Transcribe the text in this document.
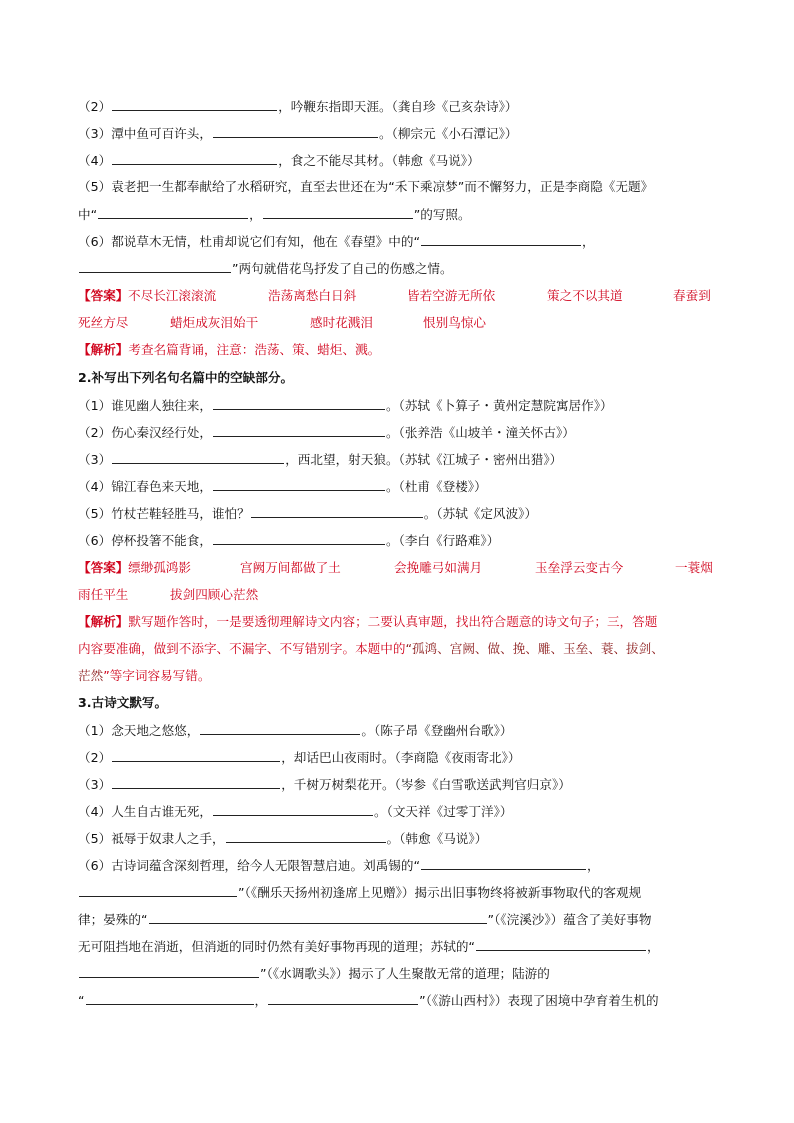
（2）	，吟鞭东指即天涯。（龚自珍《己亥杂诗》）
（3）潭中鱼可百许头，	。（柳宗元《小石潭记》）
（4）	，食之不能尽其材。（韩愈《马说》）
（5）袁老把一生都奉献给了水稻研究，直至去世还在为“禾下乘凉梦”而不懈努力，正是李商隐《无题》
中“	，	”的写照。
（6）都说草木无情，杜甫却说它们有知，他在《春望》中的“	，
”两句就借花鸟抒发了自己的伤感之情。
【答案】 不尽长江滚滚流	浩荡离愁白日斜	皆若空游无所依	策之不以其道	春蚕到
死丝方尽	蜡炬成灰泪始干	感时花溅泪	恨别鸟惊心
【解析】考查名篇背诵，注意：浩荡、策、蜡炬、溅。
2.补写出下列名句名篇中的空缺部分。
（1）谁见幽人独往来，	。（苏轼《卜算子・黄州定慧院寓居作》）
（2）伤心秦汉经行处，	。（张养浩《山坡羊・潼关怀古》）
（3）	，西北望，射天狼。（苏轼《江城子・密州出猎》）
（4）锦江春色来天地，	。（杜甫《登楼》）
（5）竹杖芒鞋轻胜马，谁怕？	。（苏轼《定风波》）
（6）停杯投箸不能食，	。（李白《行路难》）
【答案】 缥缈孤鸿影	宫阙万间都做了土	会挽雕弓如满月	玉垒浮云变古今	一蓑烟
雨任平生	拔剑四顾心茫然
【解析】默写题作答时，一是要透彻理解诗文内容；二要认真审题，找出符合题意的诗文句子；三，答题
内容要准确，做到不添字、不漏字、不写错别字。本题中的“孤鸿、宫阙、做、挽、雕、玉垒、蓑、拔剑、
茫然”等字词容易写错。
3.古诗文默写。
（1）念天地之悠悠，	。（陈子昂《登幽州台歌》）
（2）	，却话巴山夜雨时。（李商隐《夜雨寄北》）
（3）	，千树万树梨花开。（岑参《白雪歌送武判官归京》）
（4）人生自古谁无死，	。（文天祥《过零丁洋》）
（5）祗辱于奴隶人之手，	。（韩愈《马说》）
（6）古诗词蕴含深刻哲理，给今人无限智慧启迪。刘禹锡的“	，
”（《酬乐天扬州初逢席上见赠》）揭示出旧事物终将被新事物取代的客观规
律；晏殊的“	”（《浣溪沙》）蕴含了美好事物
无可阻挡地在消逝，但消逝的同时仍然有美好事物再现的道理；苏轼的“	，
”（《水调歌头》）揭示了人生聚散无常的道理；陆游的
“	，	”（《游山西村》）表现了困境中孕育着生机的
